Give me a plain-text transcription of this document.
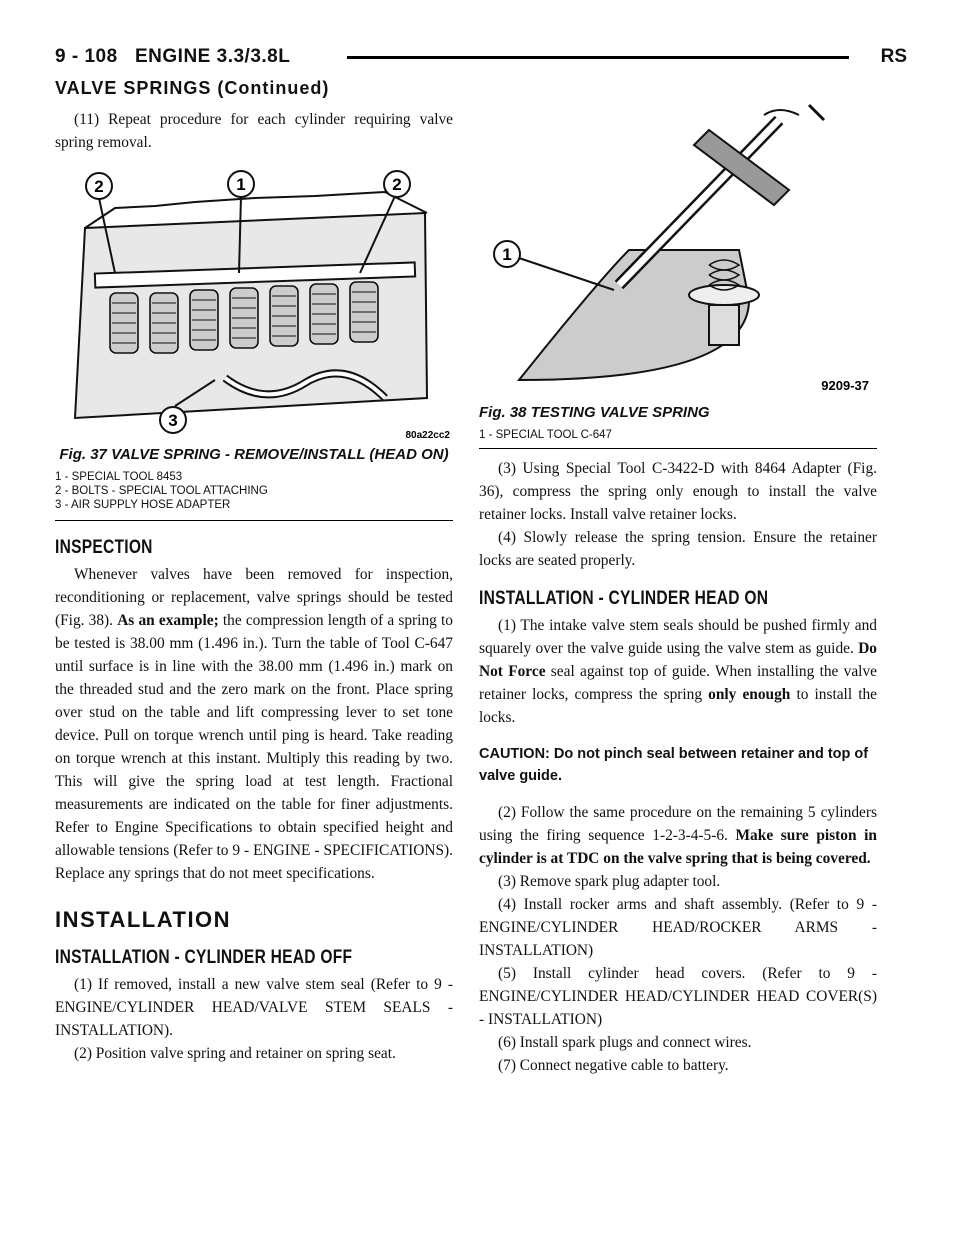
9 - 108 ENGINE 3.3/3.8L	RS
VALVE SPRINGS (Continued)

(11) Repeat procedure for each cylinder requiring valve spring removal.

2	1	2
3
80a22cc2
Fig. 37 VALVE SPRING - REMOVE/INSTALL (HEAD ON)
1 - SPECIAL TOOL 8453
2 - BOLTS - SPECIAL TOOL ATTACHING
3 - AIR SUPPLY HOSE ADAPTER
INSPECTION

Whenever valves have been removed for inspection, reconditioning or replacement, valve springs should be tested (Fig. 38). As an example; the compression length of a spring to be tested is 38.00 mm (1.496 in.). Turn the table of Tool C-647 until surface is in line with the 38.00 mm (1.496 in.) mark on the threaded stud and the zero mark on the front. Place spring over stud on the table and lift compressing lever to set tone device. Pull on torque wrench until ping is heard. Take reading on torque wrench at this instant. Multiply this reading by two. This will give the spring load at test length. Fractional measurements are indicated on the table for finer adjustments. Refer to Engine Specifications to obtain specified height and allowable tensions (Refer to 9 - ENGINE - SPECIFICATIONS). Replace any springs that do not meet specifications.

INSTALLATION
INSTALLATION - CYLINDER HEAD OFF

(1) If removed, install a new valve stem seal (Refer to 9 - ENGINE/CYLINDER HEAD/VALVE STEM SEALS - INSTALLATION).

(2) Position valve spring and retainer on spring seat.

1
9209-37
Fig. 38 TESTING VALVE SPRING
1 - SPECIAL TOOL C-647

(3) Using Special Tool C-3422-D with 8464 Adapter (Fig. 36), compress the spring only enough to install the valve retainer locks. Install valve retainer locks.

(4) Slowly release the spring tension. Ensure the retainer locks are seated properly.

INSTALLATION - CYLINDER HEAD ON

(1) The intake valve stem seals should be pushed firmly and squarely over the valve guide using the valve stem as guide. Do Not Force seal against top of guide. When installing the valve retainer locks, compress the spring only enough to install the locks.

CAUTION: Do not pinch seal between retainer and top of valve guide.

(2) Follow the same procedure on the remaining 5 cylinders using the firing sequence 1-2-3-4-5-6. Make sure piston in cylinder is at TDC on the valve spring that is being covered.

(3) Remove spark plug adapter tool.

(4) Install rocker arms and shaft assembly. (Refer to 9 - ENGINE/CYLINDER HEAD/ROCKER ARMS - INSTALLATION)

(5) Install cylinder head covers. (Refer to 9 - ENGINE/CYLINDER HEAD/CYLINDER HEAD COVER(S) - INSTALLATION)

(6) Install spark plugs and connect wires.

(7) Connect negative cable to battery.
